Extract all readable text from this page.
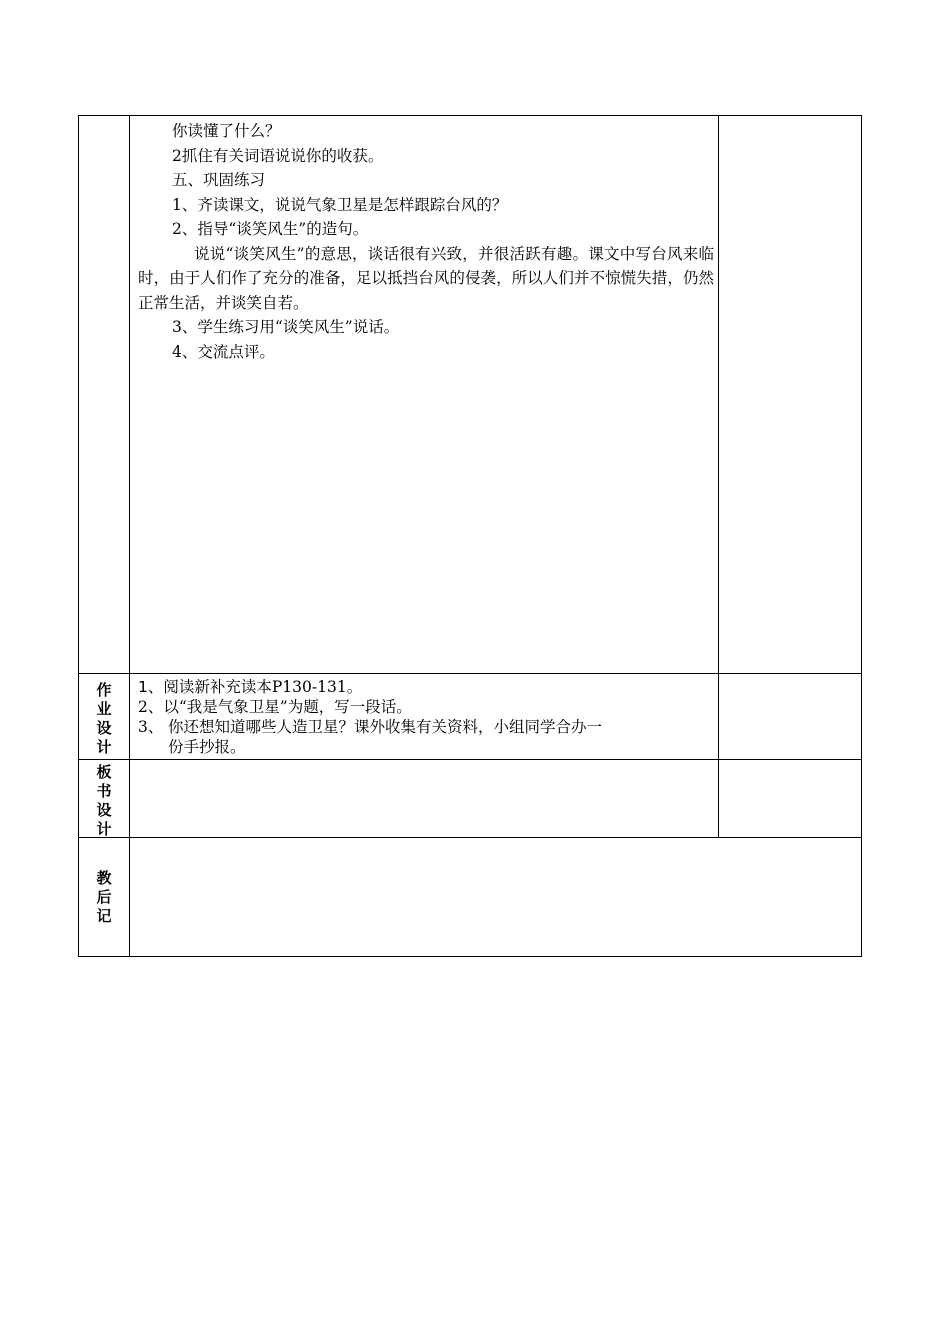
你读懂了什么？
2抓住有关词语说说你的收获。
五、巩固练习
1、齐读课文，说说气象卫星是怎样跟踪台风的？
2、指导“谈笑风生”的造句。
说说“谈笑风生”的意思，谈话很有兴致，并很活跃有趣。课文中写台风来临时，由于人们作了充分的准备，足以抵挡台风的侵袭，所以人们并不惊慌失措，仍然正常生活，并谈笑自若。
3、学生练习用“谈笑风生”说话。
4、交流点评。
作业设计
1、阅读新补充读本P130-131。
2、以“我是气象卫星”为题，写一段话。
3、 你还想知道哪些人造卫星？课外收集有关资料，小组同学合办一
份手抄报。
板书设计
教后记
